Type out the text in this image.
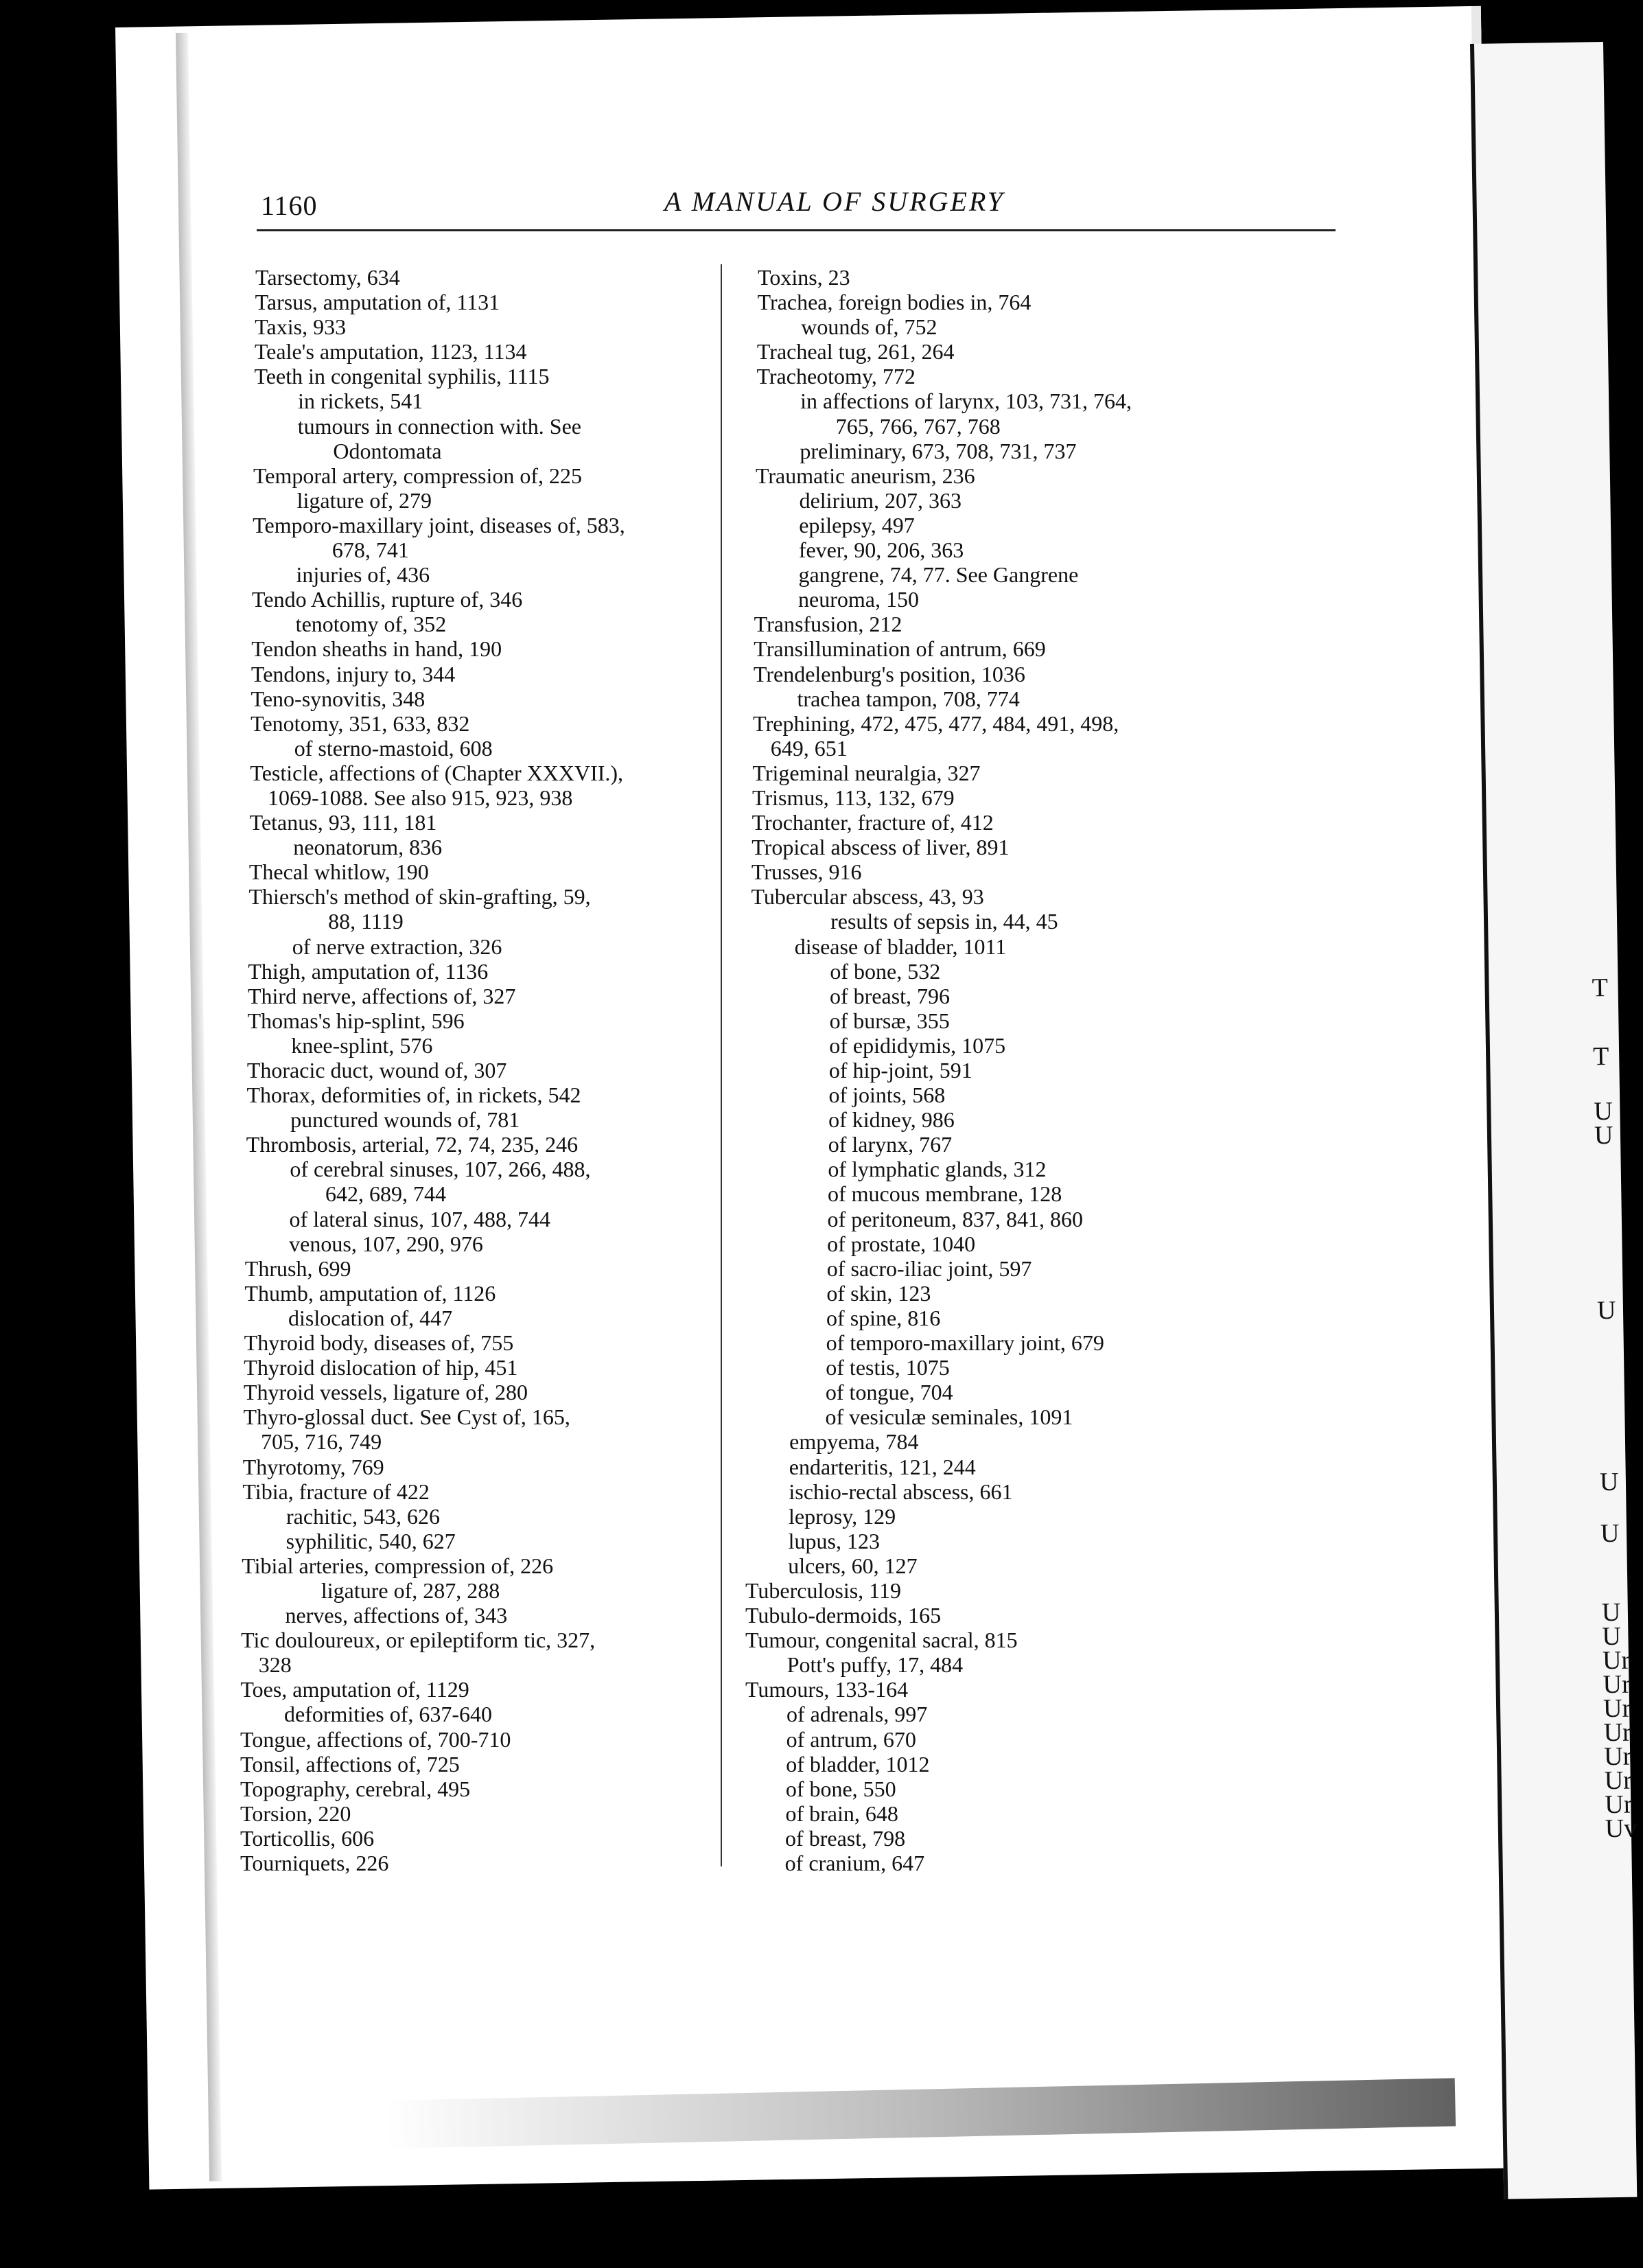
T
T
U
U
U
U
U
U
U
Ur
Ur
Ur
Ur
Ur
Ur
Ur
Uv
1160	A MANUAL OF SURGERY
Tarsectomy, 634
Tarsus, amputation of, 1131
Taxis, 933
Teale's amputation, 1123, 1134
Teeth in congenital syphilis, 1115
in rickets, 541
tumours in connection with. See
Odontomata
Temporal artery, compression of, 225
ligature of, 279
Temporo-maxillary joint, diseases of, 583,
678, 741
injuries of, 436
Tendo Achillis, rupture of, 346
tenotomy of, 352
Tendon sheaths in hand, 190
Tendons, injury to, 344
Teno-synovitis, 348
Tenotomy, 351, 633, 832
of sterno-mastoid, 608
Testicle, affections of (Chapter XXXVII.),
1069-1088. See also 915, 923, 938
Tetanus, 93, 111, 181
neonatorum, 836
Thecal whitlow, 190
Thiersch's method of skin-grafting, 59,
88, 1119
of nerve extraction, 326
Thigh, amputation of, 1136
Third nerve, affections of, 327
Thomas's hip-splint, 596
knee-splint, 576
Thoracic duct, wound of, 307
Thorax, deformities of, in rickets, 542
punctured wounds of, 781
Thrombosis, arterial, 72, 74, 235, 246
of cerebral sinuses, 107, 266, 488,
642, 689, 744
of lateral sinus, 107, 488, 744
venous, 107, 290, 976
Thrush, 699
Thumb, amputation of, 1126
dislocation of, 447
Thyroid body, diseases of, 755
Thyroid dislocation of hip, 451
Thyroid vessels, ligature of, 280
Thyro-glossal duct. See Cyst of, 165,
705, 716, 749
Thyrotomy, 769
Tibia, fracture of 422
rachitic, 543, 626
syphilitic, 540, 627
Tibial arteries, compression of, 226
ligature of, 287, 288
nerves, affections of, 343
Tic douloureux, or epileptiform tic, 327,
328
Toes, amputation of, 1129
deformities of, 637-640
Tongue, affections of, 700-710
Tonsil, affections of, 725
Topography, cerebral, 495
Torsion, 220
Torticollis, 606
Tourniquets, 226
Toxins, 23
Trachea, foreign bodies in, 764
wounds of, 752
Tracheal tug, 261, 264
Tracheotomy, 772
in affections of larynx, 103, 731, 764,
765, 766, 767, 768
preliminary, 673, 708, 731, 737
Traumatic aneurism, 236
delirium, 207, 363
epilepsy, 497
fever, 90, 206, 363
gangrene, 74, 77. See Gangrene
neuroma, 150
Transfusion, 212
Transillumination of antrum, 669
Trendelenburg's position, 1036
trachea tampon, 708, 774
Trephining, 472, 475, 477, 484, 491, 498,
649, 651
Trigeminal neuralgia, 327
Trismus, 113, 132, 679
Trochanter, fracture of, 412
Tropical abscess of liver, 891
Trusses, 916
Tubercular abscess, 43, 93
results of sepsis in, 44, 45
disease of bladder, 1011
of bone, 532
of breast, 796
of bursæ, 355
of epididymis, 1075
of hip-joint, 591
of joints, 568
of kidney, 986
of larynx, 767
of lymphatic glands, 312
of mucous membrane, 128
of peritoneum, 837, 841, 860
of prostate, 1040
of sacro-iliac joint, 597
of skin, 123
of spine, 816
of temporo-maxillary joint, 679
of testis, 1075
of tongue, 704
of vesiculæ seminales, 1091
empyema, 784
endarteritis, 121, 244
ischio-rectal abscess, 661
leprosy, 129
lupus, 123
ulcers, 60, 127
Tuberculosis, 119
Tubulo-dermoids, 165
Tumour, congenital sacral, 815
Pott's puffy, 17, 484
Tumours, 133-164
of adrenals, 997
of antrum, 670
of bladder, 1012
of bone, 550
of brain, 648
of breast, 798
of cranium, 647
